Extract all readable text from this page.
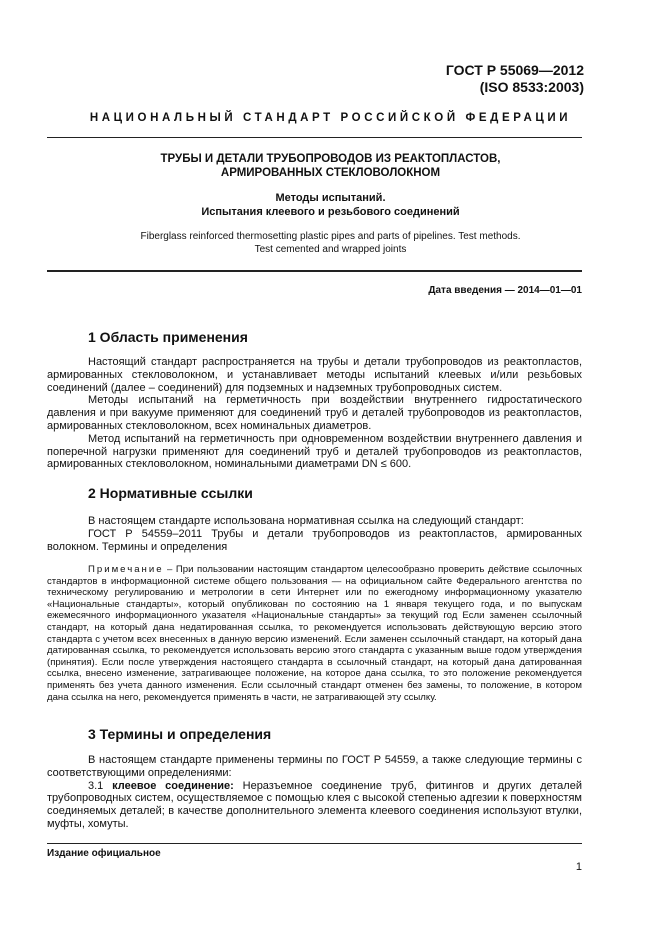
ГОСТ Р 55069—2012
(ISO 8533:2003)
НАЦИОНАЛЬНЫЙ СТАНДАРТ РОССИЙСКОЙ ФЕДЕРАЦИИ
ТРУБЫ И ДЕТАЛИ ТРУБОПРОВОДОВ ИЗ РЕАКТОПЛАСТОВ,
АРМИРОВАННЫХ СТЕКЛОВОЛОКНОМ
Методы испытаний.
Испытания клеевого и резьбового соединений
Fiberglass reinforced thermosetting plastic pipes and parts of pipelines. Test methods.
Test cemented and wrapped joints
Дата введения — 2014—01—01
1 Область применения

Настоящий стандарт распространяется на трубы и детали трубопроводов из реактопластов, армированных стекловолокном, и устанавливает методы испытаний клеевых и/или резьбовых соединений (далее – соединений) для подземных и надземных трубопроводных систем.

Методы испытаний на герметичность при воздействии внутреннего гидростатического давления и при вакууме применяют для соединений труб и деталей трубопроводов из реактопластов, армированных стекловолокном, всех номинальных диаметров.

Метод испытаний на герметичность при одновременном воздействии внутреннего давления и поперечной нагрузки применяют для соединений труб и деталей трубопроводов из реактопластов, армированных стекловолокном, номинальными диаметрами DN ≤ 600.

2 Нормативные ссылки

В настоящем стандарте использована нормативная ссылка на следующий стандарт:

ГОСТ Р 54559–2011 Трубы и детали трубопроводов из реактопластов, армированных волокном. Термины и определения

Примечание – При пользовании настоящим стандартом целесообразно проверить действие ссылочных стандартов в информационной системе общего пользования — на официальном сайте Федерального агентства по техническому регулированию и метрологии в сети Интернет или по ежегодному информационному указателю «Национальные стандарты», который опубликован по состоянию на 1 января текущего года, и по выпускам ежемесячного информационного указателя «Национальные стандарты» за текущий год Если заменен ссылочный стандарт, на который дана недатированная ссылка, то рекомендуется использовать действующую версию этого стандарта с учетом всех внесенных в данную версию изменений. Если заменен ссылочный стандарт, на который дана датированная ссылка, то рекомендуется использовать версию этого стандарта с указанным выше годом утверждения (принятия). Если после утверждения настоящего стандарта в ссылочный стандарт, на который дана датированная ссылка, внесено изменение, затрагивающее положение, на которое дана ссылка, то это положение рекомендуется применять без учета данного изменения. Если ссылочный стандарт отменен без замены, то положение, в котором дана ссылка на него, рекомендуется применять в части, не затрагивающей эту ссылку.

3 Термины и определения

В настоящем стандарте применены термины по ГОСТ Р 54559, а также следующие термины с соответствующими определениями:

3.1 клеевое соединение: Неразъемное соединение труб, фитингов и других деталей трубопроводных систем, осуществляемое с помощью клея с высокой степенью адгезии к поверхностям соединяемых деталей; в качестве дополнительного элемента клеевого соединения используют втулки, муфты, хомуты.

Издание официальное
1
